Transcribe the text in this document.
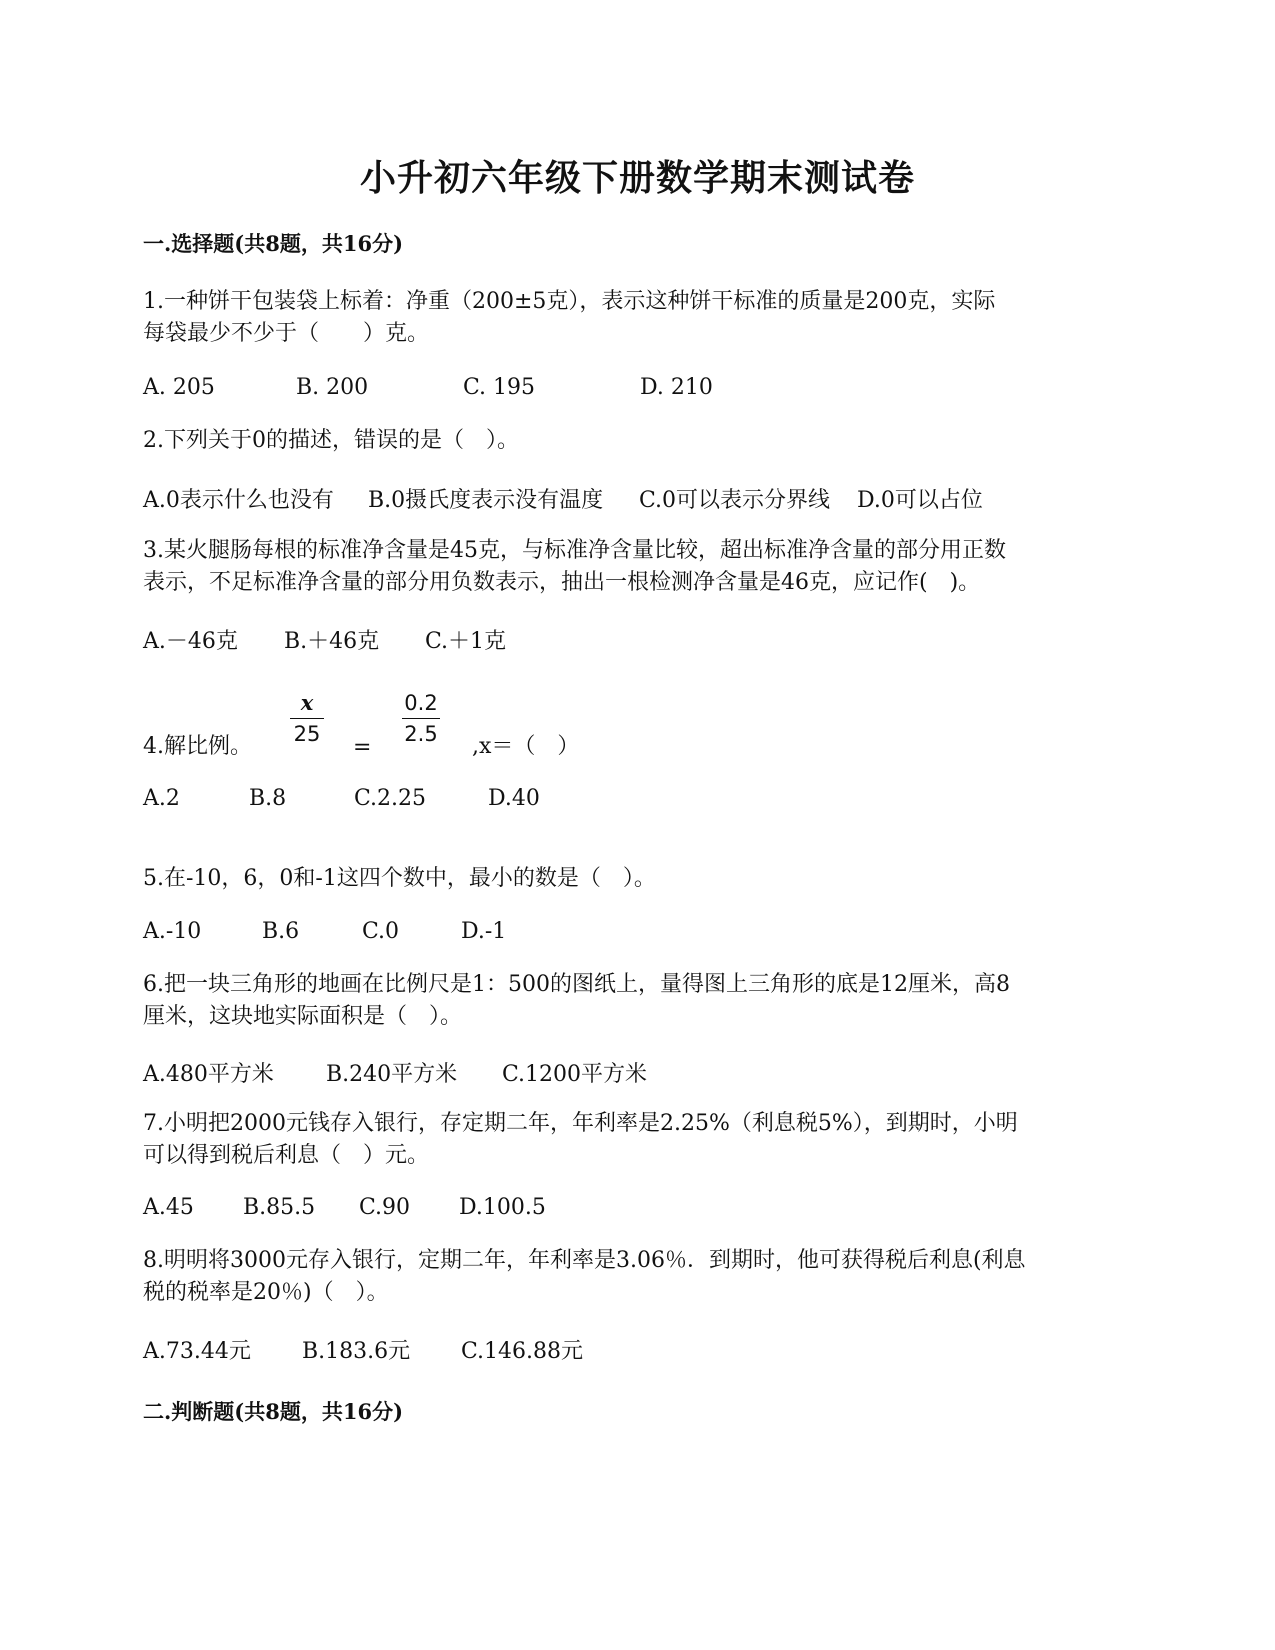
小升初六年级下册数学期末测试卷
一.选择题(共8题，共16分)
1.一种饼干包装袋上标着：净重（200±5克），表示这种饼干标准的质量是200克，实际
每袋最少不少于（　　）克。
A. 205	B. 200	C. 195	D. 210
2.下列关于0的描述，错误的是（　）。
A.0表示什么也没有 B.0摄氏度表示没有温度 C.0可以表示分界线 D.0可以占位
3.某火腿肠每根的标准净含量是45克，与标准净含量比较，超出标准净含量的部分用正数
表示，不足标准净含量的部分用负数表示，抽出一根检测净含量是46克，应记作(　)。
A.－46克 B.＋46克 C.＋1克
4.解比例。
x
25
=
0.2
2.5 ,x＝（　）
A.2	B.8	C.2.25	D.40
5.在-10，6，0和-1这四个数中，最小的数是（　）。
A.-10	B.6	C.0	D.-1
6.把一块三角形的地画在比例尺是1：500的图纸上，量得图上三角形的底是12厘米，高8
厘米，这块地实际面积是（　）。
A.480平方米 B.240平方米 C.1200平方米
7.小明把2000元钱存入银行，存定期二年，年利率是2.25%（利息税5%），到期时，小明
可以得到税后利息（　）元。
A.45 B.85.5 C.90 D.100.5
8.明明将3000元存入银行，定期二年，年利率是3.06％．到期时，他可获得税后利息(利息
税的税率是20％)（　）。
A.73.44元 B.183.6元 C.146.88元
二.判断题(共8题，共16分)
